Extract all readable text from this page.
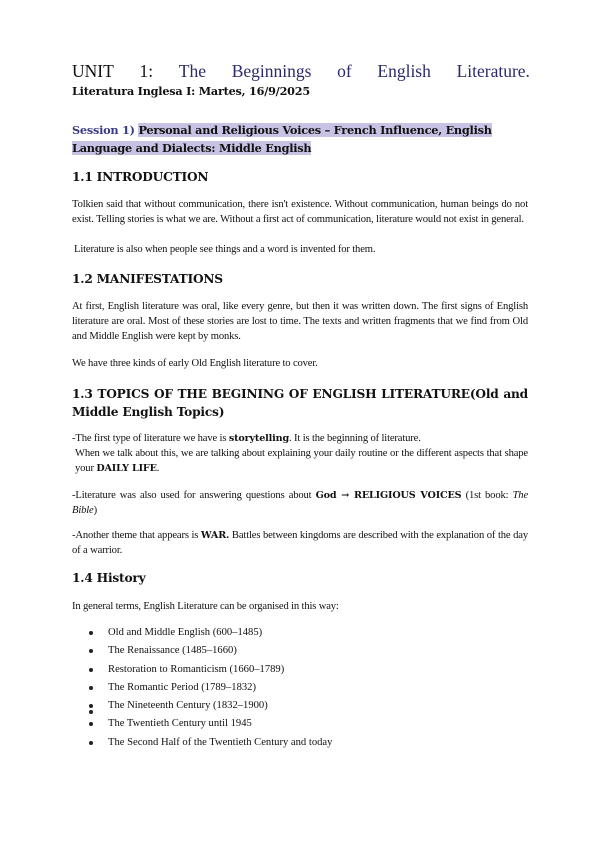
UNIT 1: The Beginnings of English Literature.
Literatura Inglesa I: Martes, 16/9/2025
Session 1) Personal and Religious Voices – French Influence, English Language and Dialects: Middle English
1.1 INTRODUCTION
Tolkien said that without communication, there isn't existence. Without communication, human beings do not exist. Telling stories is what we are. Without a first act of communication, literature would not exist in general.
Literature is also when people see things and a word is invented for them.
1.2 MANIFESTATIONS
At first, English literature was oral, like every genre, but then it was written down. The first signs of English literature are oral. Most of these stories are lost to time. The texts and written fragments that we find from Old and Middle English were kept by monks.
We have three kinds of early Old English literature to cover.
1.3 TOPICS OF THE BEGINING OF ENGLISH LITERATURE(Old and Middle English Topics)
-The first type of literature we have is storytelling. It is the beginning of literature.
When we talk about this, we are talking about explaining your daily routine or the different aspects that shape your DAILY LIFE.
-Literature was also used for answering questions about God → RELIGIOUS VOICES (1st book: The Bible)
-Another theme that appears is WAR. Battles between kingdoms are described with the explanation of the day of a warrior.
1.4 History
In general terms, English Literature can be organised in this way:
Old and Middle English (600–1485)
The Renaissance (1485–1660)
Restoration to Romanticism (1660–1789)
The Romantic Period (1789–1832)
The Nineteenth Century (1832–1900)
The Twentieth Century until 1945
The Second Half of the Twentieth Century and today
